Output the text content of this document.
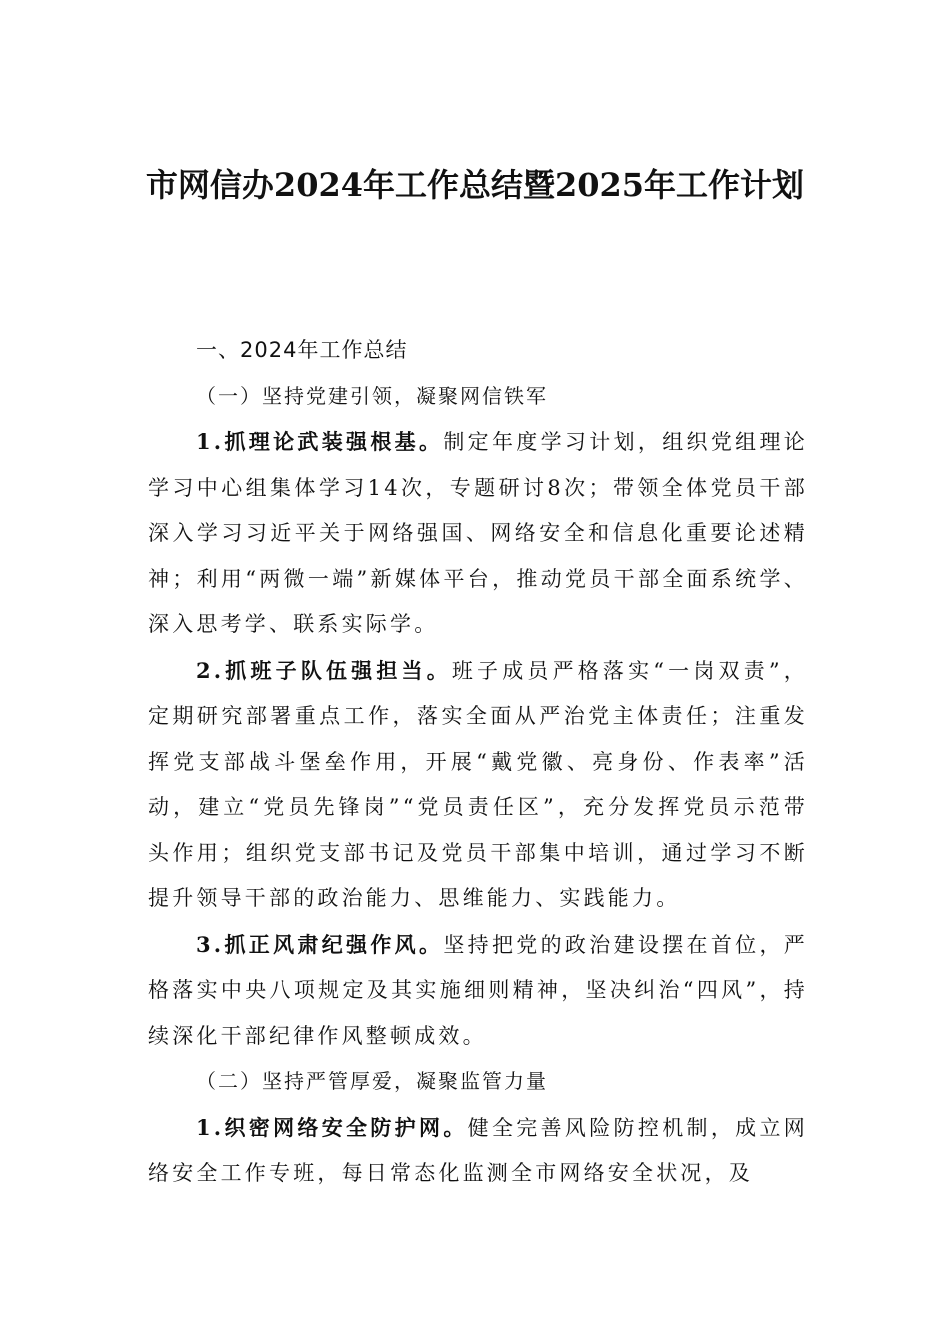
市网信办2024年工作总结暨2025年工作计划

一、2024年工作总结

（一）坚持党建引领，凝聚网信铁军

1.抓理论武装强根基。制定年度学习计划，组织党组理论学习中心组集体学习14次，专题研讨8次；带领全体党员干部深入学习习近平关于网络强国、网络安全和信息化重要论述精神；利用“两微一端”新媒体平台，推动党员干部全面系统学、深入思考学、联系实际学。

2.抓班子队伍强担当。班子成员严格落实“一岗双责”，定期研究部署重点工作，落实全面从严治党主体责任；注重发挥党支部战斗堡垒作用，开展“戴党徽、亮身份、作表率”活动，建立“党员先锋岗”“党员责任区”，充分发挥党员示范带头作用；组织党支部书记及党员干部集中培训，通过学习不断提升领导干部的政治能力、思维能力、实践能力。

3.抓正风肃纪强作风。坚持把党的政治建设摆在首位，严格落实中央八项规定及其实施细则精神，坚决纠治“四风”，持续深化干部纪律作风整顿成效。

（二）坚持严管厚爱，凝聚监管力量

1.织密网络安全防护网。健全完善风险防控机制，成立网络安全工作专班，每日常态化监测全市网络安全状况，及
